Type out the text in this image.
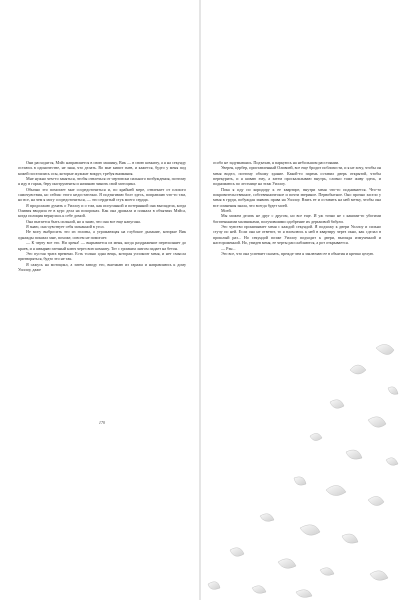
Они расходятся, Мэйс направляется в свою машину, Вик — в свою комнату, а я на секунду остаюсь в одиночестве, не зная, что делать. Во мне кипит гнев, и кажется, будто у меня под кожей поселились осы, которые жужжат вокруг, требуя внимания.

Мне нужно чем-то заняться, чтобы отвлечься от чертовски сильного возбуждения, поэтому я иду в гараж, беру инструменты и начинаю чинить свой мотоцикл.

Обычно это помогает мне сосредоточиться и, по крайней мере, отвлекает от плохого самочувствия, но сейчас этого недостаточно. Я подтягиваю болт здесь, поправляю что-то там, но все, на чем я могу сосредоточиться, — это сердитый стук моего сердца.

Я продолжаю думать о Уиллоу и о том, как испуганной и потерянной она выглядела, когда Оливия вводила ее в курс дела на похоронах. Как она дрожала и плакала в объятиях Мэйса, когда полиция вернулась к себе домой.

Она пытается быть сильной, но я знаю, что она все еще напугана.

Я знаю, она чувствует себя загнанной в угол.

Не могу выбросить это из головы, а угрожающая на глубокое дыхание, которые Вик однажды показал мне, похоже, совсем не помогает.

— К черту все это. Ни хрена! — вырывается из меня, когда раздражение переполняет до краев, и я швыряю гаечный ключ через всю комнату. Тот с громким лязгом падает на бетон.

Это пустая трата времени. Есть только одна вещь, которая успокоит меня, и нет смысла притворяться, будто это не так.

Я сажусь на мотоцикл, а затем заводу его, выезжаю из гаража и направляюсь к дому Уиллоу, даже

170

особо не задумываясь. Подъехав, я паркуюсь на небольшом расстоянии.

Уверен, цербер, приставленный Оливией, все еще бродит поблизости, и я не хочу, чтобы он меня видел, поэтому обхожу здание. Какой-то парень оставил дверь открытой, чтобы перекурить, и я киваю ему, а затем проскальзываю внутрь, словно тоже живу здесь, и поднимаюсь по лестнице на этаж Уиллоу.

Пока я иду по коридору к ее квартире, внутри меня что-то поднимается. Что-то покровительственное, собственническое и почти звериное. Первобытное. Оно прочно засело у меня в груди, побуждая заявить права на Уиллоу. Взять ее и оставить на ней метку, чтобы она все сомнения знала, что всегда будет моей.

Моей.

Мы можем делать не друг с другом, но все еще. И уж точно не с какими-то убогими богатенькими мальчиками, получившими одобрение их дерьмовой бабули.

Это чувство пронизывает меня с каждой секундой. Я подхожу к двери Уиллоу и сильно стучу по ней. Если она не ответит, то я вломлюсь к ней в квартиру через окно, как сделал в прошлый раз... Но секундой позже Уиллоу подходит к двери, выглядя измученной и настороженной. Но, увидев меня, ее черты расслабляются, а рот открывается.

— Рэн...

Это все, что она успевает сказать, прежде чем я заключаю ее в объятия и крепко целую.
